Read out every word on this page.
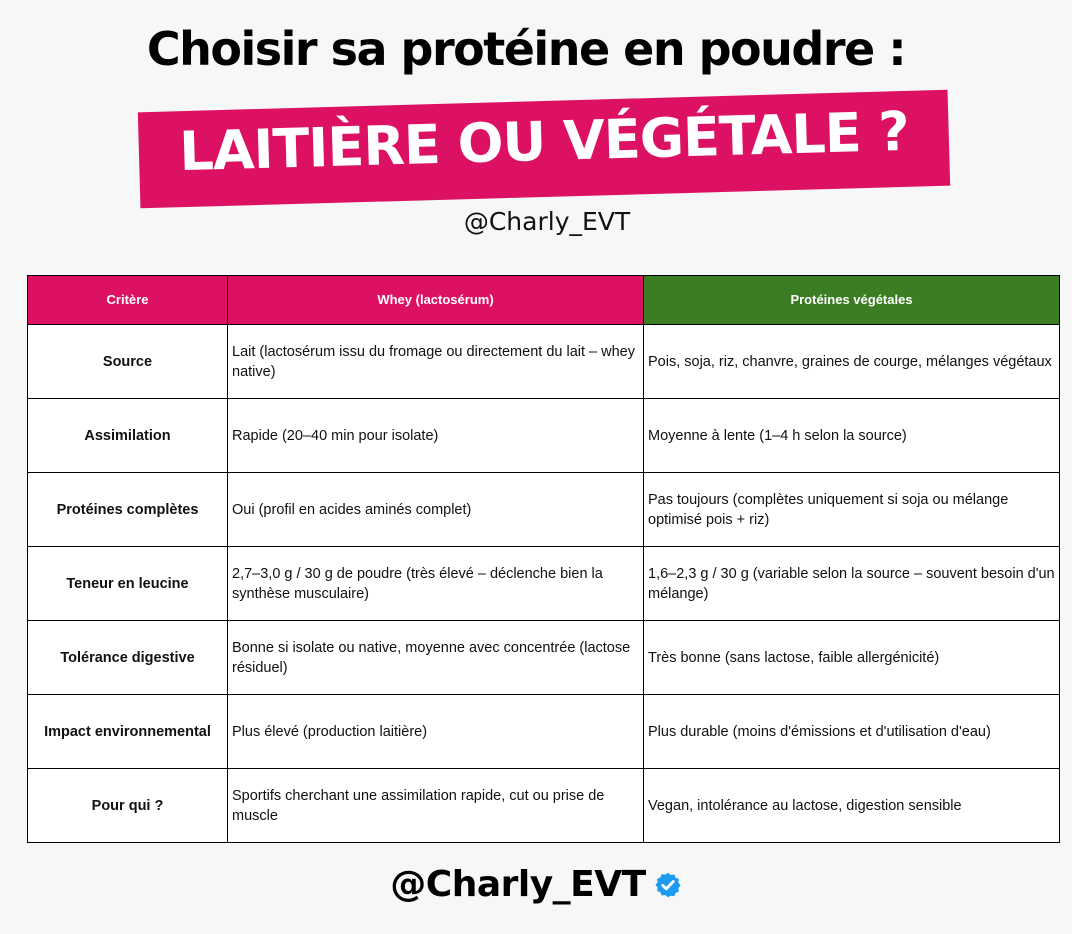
Choisir sa protéine en poudre :
LAITIÈRE OU VÉGÉTALE ?
@Charly_EVT
Critère	Whey (lactosérum)	Protéines végétales
Source	Lait (lactosérum issu du fromage ou directement du lait – whey native)	Pois, soja, riz, chanvre, graines de courge, mélanges végétaux
Assimilation	Rapide (20–40 min pour isolate)	Moyenne à lente (1–4 h selon la source)
Protéines complètes	Oui (profil en acides aminés complet)	Pas toujours (complètes uniquement si soja ou mélange optimisé pois + riz)
Teneur en leucine	2,7–3,0 g / 30 g de poudre (très élevé – déclenche bien la synthèse musculaire)	1,6–2,3 g / 30 g (variable selon la source – souvent besoin d'un mélange)
Tolérance digestive	Bonne si isolate ou native, moyenne avec concentrée (lactose résiduel)	Très bonne (sans lactose, faible allergénicité)
Impact environnemental	Plus élevé (production laitière)	Plus durable (moins d'émissions et d'utilisation d'eau)
Pour qui ?	Sportifs cherchant une assimilation rapide, cut ou prise de muscle	Vegan, intolérance au lactose, digestion sensible
@Charly_EVT
